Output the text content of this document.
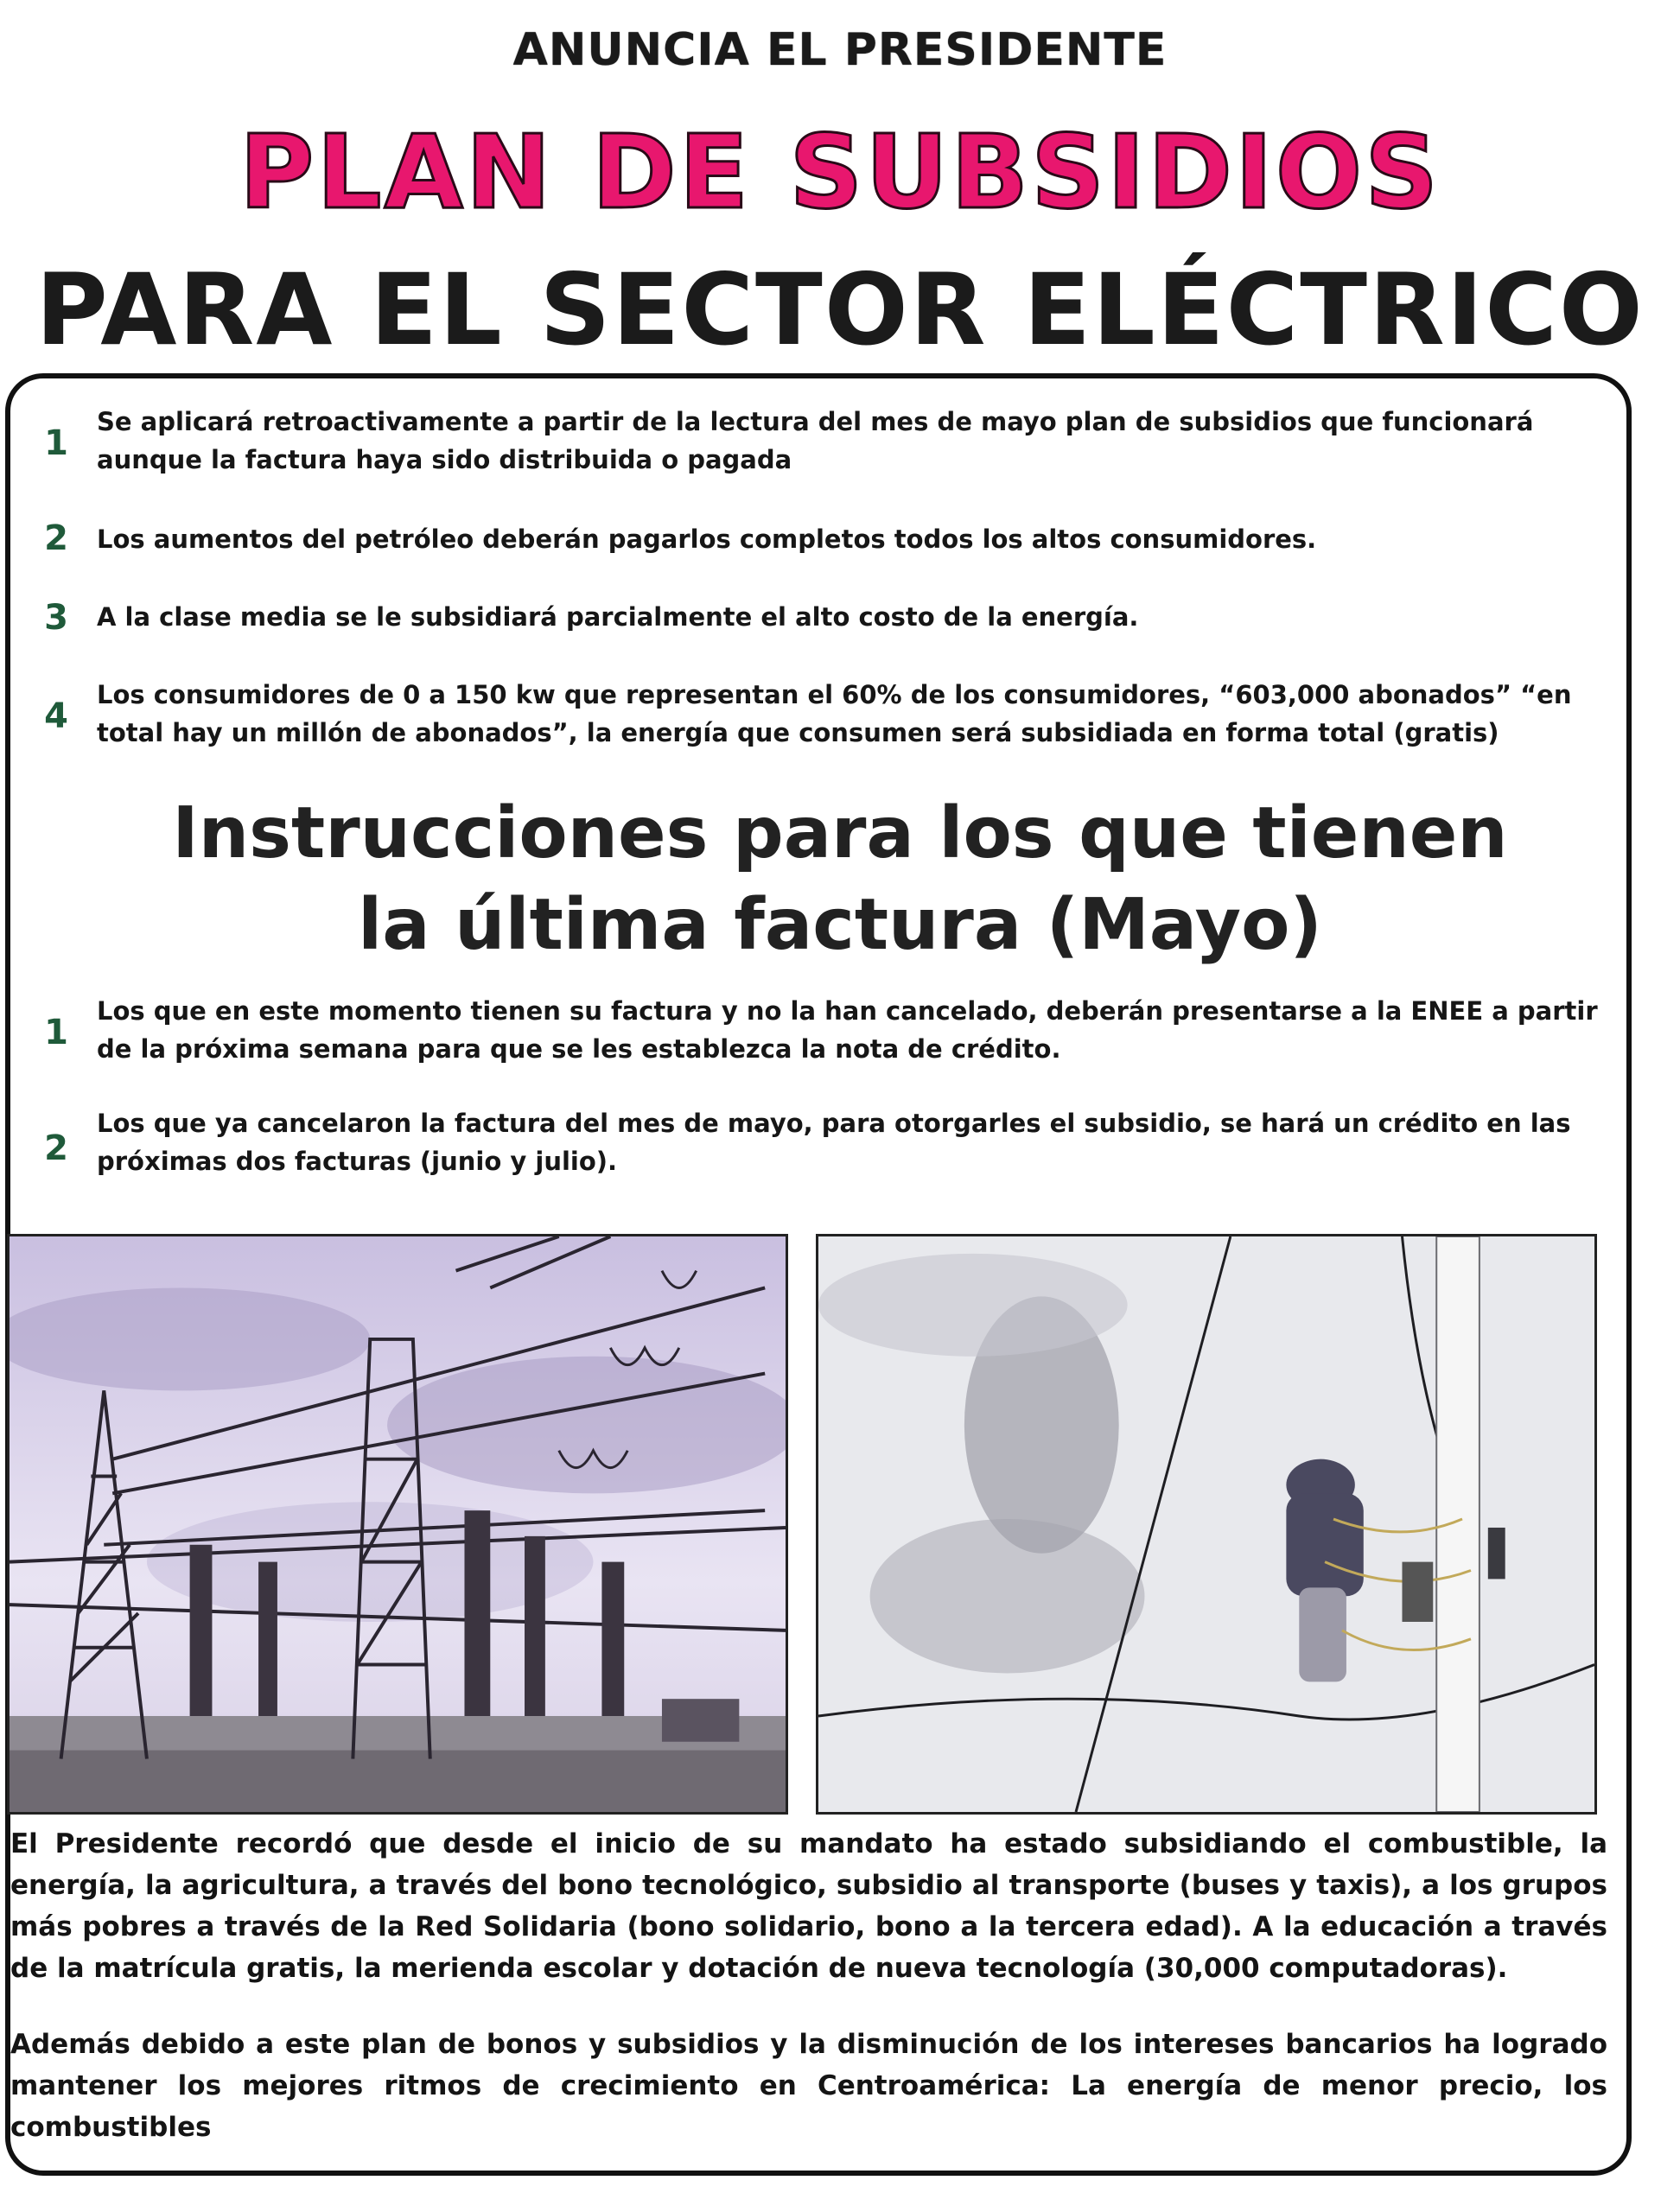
ANUNCIA EL PRESIDENTE
PLAN DE SUBSIDIOS
PARA EL SECTOR ELÉCTRICO
1
Se aplicará retroactivamente a partir de la lectura del mes de mayo plan de subsidios que funcionará aunque la factura haya sido distribuida o pagada
2	Los aumentos del petróleo deberán pagarlos completos todos los altos consumidores.
3	A la clase media se le subsidiará parcialmente el alto costo de la energía.
4
Los consumidores de 0 a 150 kw que representan el 60% de los consumidores, “603,000 abonados” “en total hay un millón de abonados”, la energía que consumen será subsidiada en forma total (gratis)
Instrucciones para los que tienen
la última factura (Mayo)
1
Los que en este momento tienen su factura y no la han cancelado, deberán presentarse a la ENEE a partir de la próxima semana para que se les establezca la nota de crédito.
2
Los que ya cancelaron la factura del mes de mayo, para otorgarles el subsidio, se hará un crédito en las próximas dos facturas (junio y julio).
El Presidente recordó que desde el inicio de su mandato ha estado subsidiando el combustible, la energía, la agricultura, a través del bono tecnológico, subsidio al transporte (buses y taxis), a los grupos más pobres a través de la Red Solidaria (bono solidario, bono a la tercera edad). A la educación a través de la matrícula gratis, la merienda escolar y dotación de nueva tecnología (30,000 computadoras).
Además debido a este plan de bonos y subsidios y la disminución de los intereses bancarios ha logrado mantener los mejores ritmos de crecimiento en Centroamérica: La energía de menor precio, los combustibles
